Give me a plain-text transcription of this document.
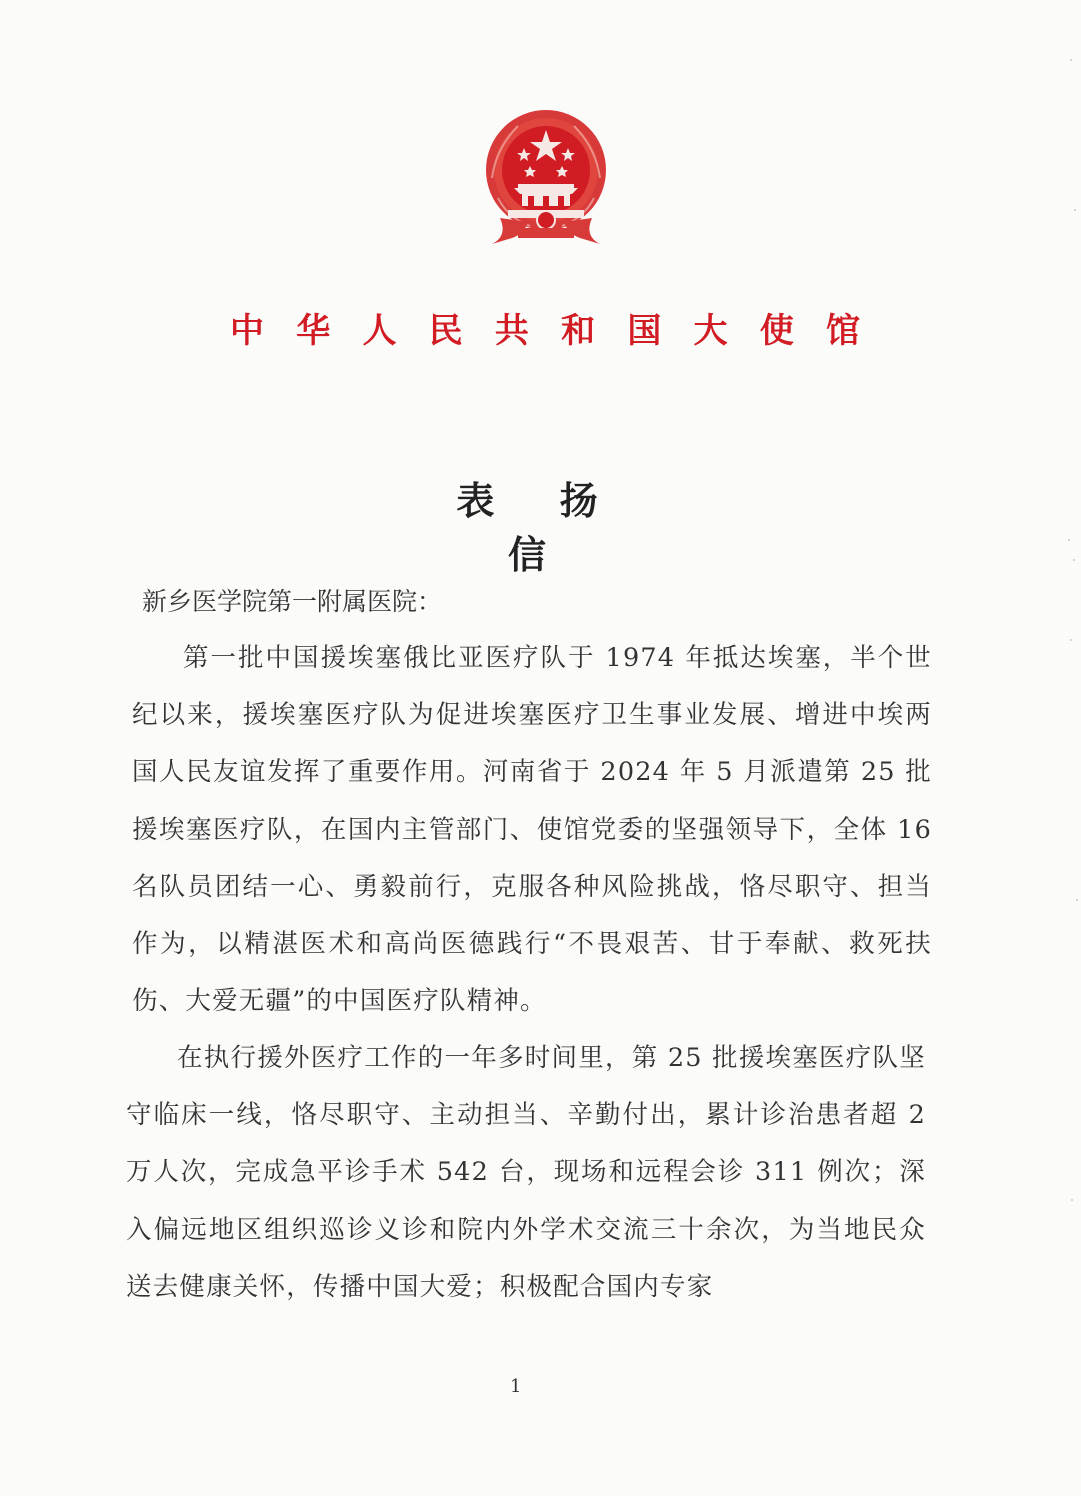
中 华 人 民 共 和 国 大 使 馆
表 扬 信
新乡医学院第一附属医院：

第一批中国援埃塞俄比亚医疗队于 1974 年抵达埃塞，半个世纪以来，援埃塞医疗队为促进埃塞医疗卫生事业发展、增进中埃两国人民友谊发挥了重要作用。河南省于 2024 年 5 月派遣第 25 批援埃塞医疗队，在国内主管部门、使馆党委的坚强领导下，全体 16 名队员团结一心、勇毅前行，克服各种风险挑战，恪尽职守、担当作为，以精湛医术和高尚医德践行“不畏艰苦、甘于奉献、救死扶伤、大爱无疆”的中国医疗队精神。

在执行援外医疗工作的一年多时间里，第 25 批援埃塞医疗队坚守临床一线，恪尽职守、主动担当、辛勤付出，累计诊治患者超 2 万人次，完成急平诊手术 542 台，现场和远程会诊 311 例次；深入偏远地区组织巡诊义诊和院内外学术交流三十余次，为当地民众送去健康关怀，传播中国大爱；积极配合国内专家

1
